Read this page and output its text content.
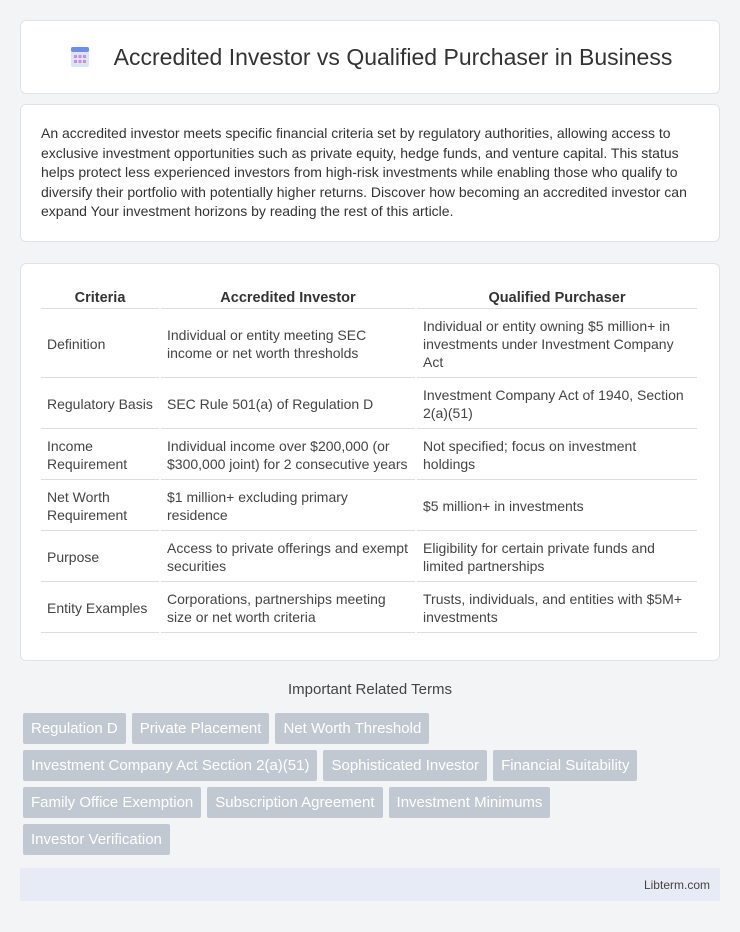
Accredited Investor vs Qualified Purchaser in Business

An accredited investor meets specific financial criteria set by regulatory authorities, allowing access to exclusive investment opportunities such as private equity, hedge funds, and venture capital. This status helps protect less experienced investors from high-risk investments while enabling those who qualify to diversify their portfolio with potentially higher returns. Discover how becoming an accredited investor can expand Your investment horizons by reading the rest of this article.

Criteria	Accredited Investor	Qualified Purchaser
Definition	Individual or entity meeting SEC income or net worth thresholds	Individual or entity owning $5 million+ in investments under Investment Company Act
Regulatory Basis	SEC Rule 501(a) of Regulation D	Investment Company Act of 1940, Section 2(a)(51)
Income Requirement	Individual income over $200,000 (or $300,000 joint) for 2 consecutive years	Not specified; focus on investment holdings
Net Worth Requirement	$1 million+ excluding primary residence	$5 million+ in investments
Purpose	Access to private offerings and exempt securities	Eligibility for certain private funds and limited partnerships
Entity Examples	Corporations, partnerships meeting size or net worth criteria	Trusts, individuals, and entities with $5M+ investments
Important Related Terms
Regulation D	Private Placement	Net Worth Threshold
Investment Company Act Section 2(a)(51)	Sophisticated Investor	Financial Suitability
Family Office Exemption	Subscription Agreement	Investment Minimums
Investor Verification
Libterm.com
